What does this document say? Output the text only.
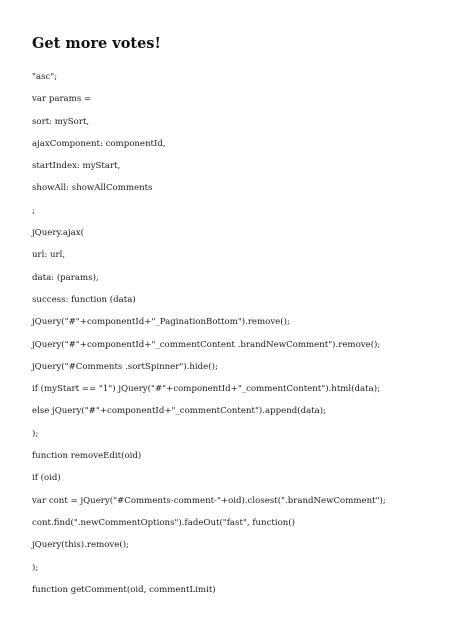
Get more votes!
"asc";
var params =
sort: mySort,
ajaxComponent: componentId,
startIndex: myStart,
showAll: showAllComments
;
jQuery.ajax(
url: url,
data: (params),
success: function (data)
jQuery("#"+componentId+"_PaginationBottom").remove();
jQuery("#"+componentId+"_commentContent .brandNewComment").remove();
jQuery("#Comments .sortSpinner").hide();
if (myStart == "1") jQuery("#"+componentId+"_commentContent").html(data);
else jQuery("#"+componentId+"_commentContent").append(data);
);
function removeEdit(oid)
if (oid)
var cont = jQuery("#Comments-comment-"+oid).closest(".brandNewComment");
cont.find(".newCommentOptions").fadeOut("fast", function()
jQuery(this).remove();
);
function getComment(oid, commentLimit)
